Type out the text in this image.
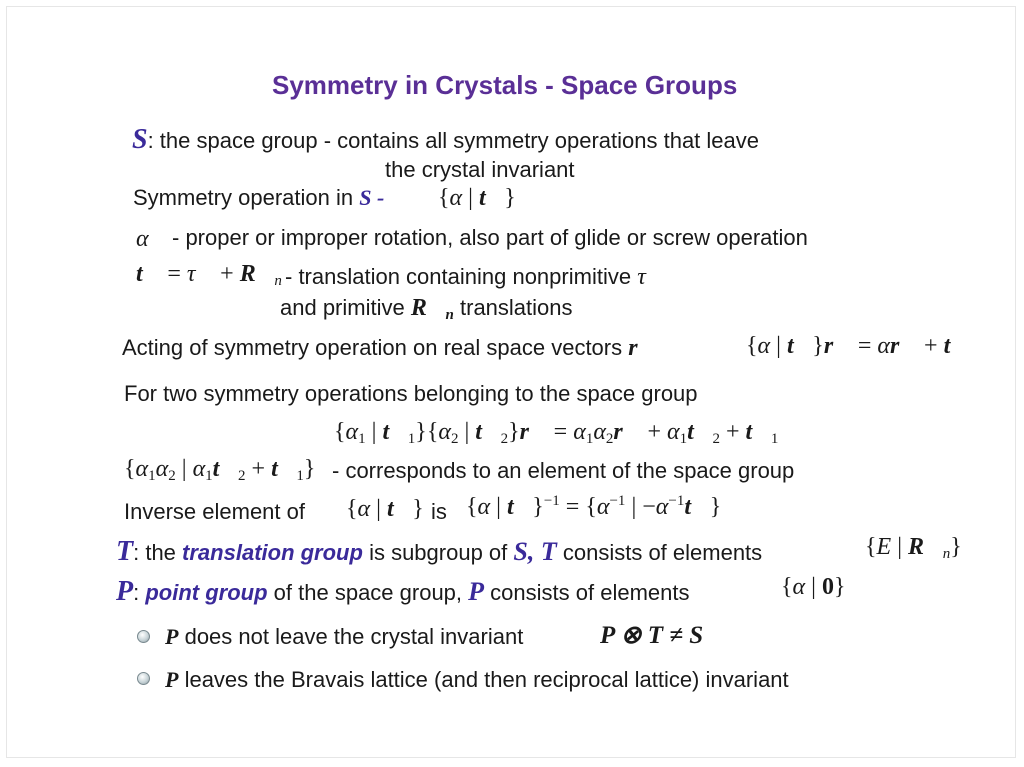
Symmetry in Crystals - Space Groups
S: the space group - contains all symmetry operations that leave
the crystal invariant
Symmetry operation in S - {α | t⃗}
α - proper or improper rotation, also part of glide or screw operation
t⃗ = τ⃗ + R⃗n - translation containing nonprimitive τ⃗
and primitive R⃗n translations
Acting of symmetry operation on real space vectors r⃗	{α | t⃗}r⃗ = αr⃗ + t⃗
For two symmetry operations belonging to the space group
{α1 | t⃗1}{α2 | t⃗2}r⃗ = α1α2r⃗ + α1t⃗2 + t⃗1
{α1α2 | α1t⃗2 + t⃗1} - corresponds to an element of the space group
Inverse element of {α | t⃗} is {α | t⃗}$^{-1}$ = {$\alpha^{-1}$ | $-\alpha^{-1}t⃗$}
T: the translation group is subgroup of S, T consists of elements	{E | R⃗n}
P: point group of the space group, P consists of elements	{α | 0}
P does not leave the crystal invariant	P ⊗ T ≠ S
P leaves the Bravais lattice (and then reciprocal lattice) invariant
